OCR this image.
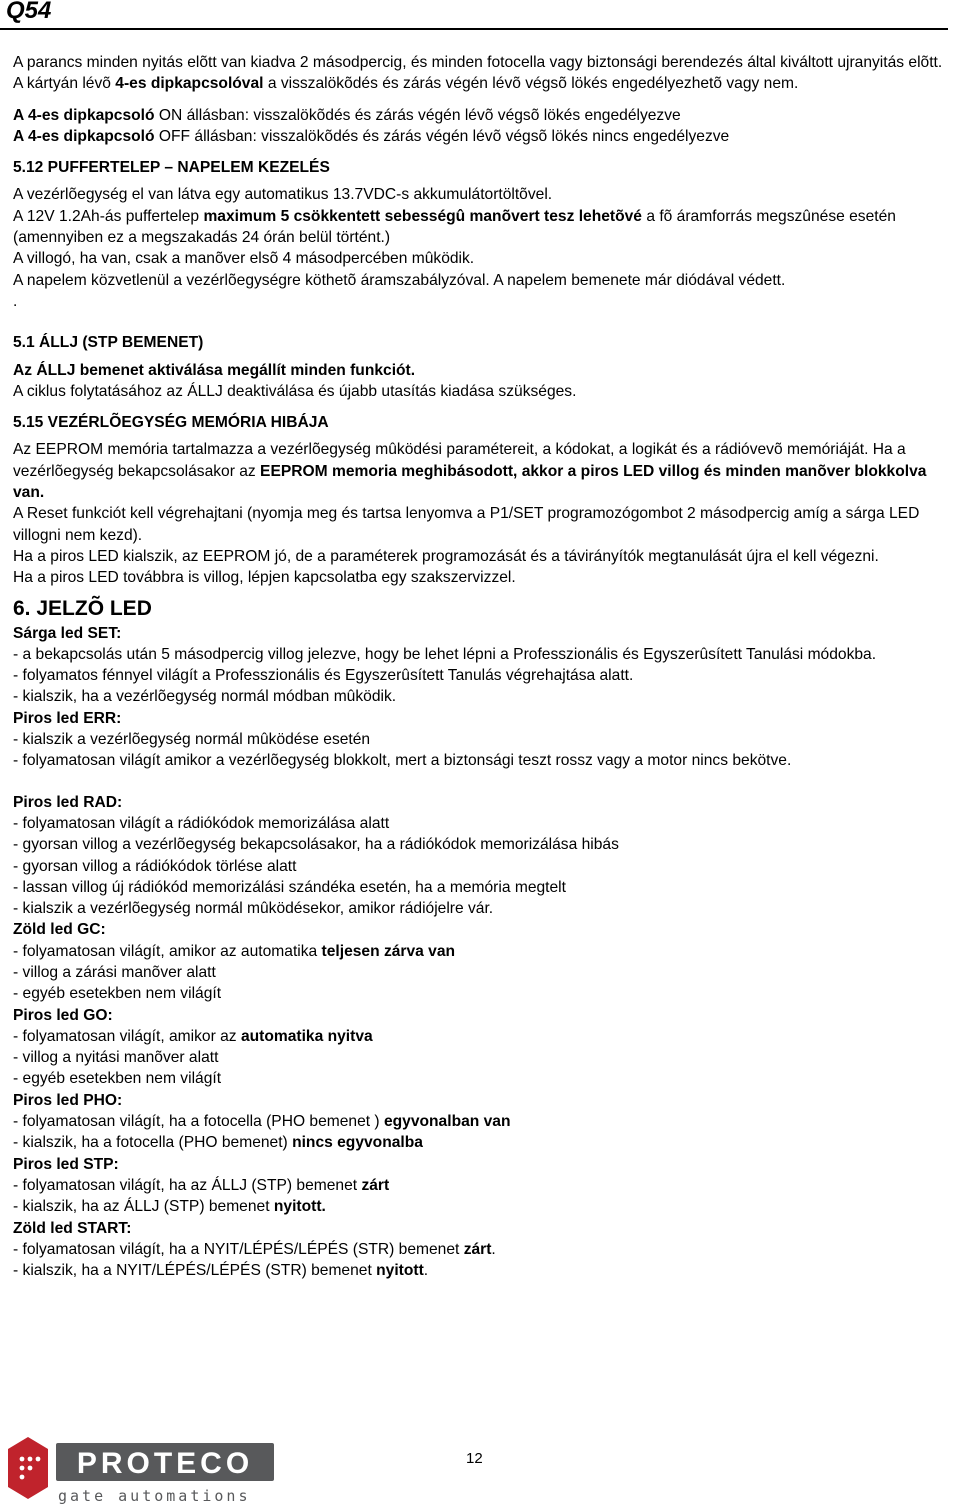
Q54

A parancs minden nyitás elõtt van kiadva 2 másodpercig, és minden fotocella vagy biztonsági berendezés által kiváltott ujranyitás elõtt.

A kártyán lévõ 4-es dipkapcsolóval a visszalökõdés és zárás végén lévõ végsõ lökés engedélyezhetõ vagy nem.

A 4-es dipkapcsoló ON állásban: visszalökõdés és zárás végén lévõ végsõ lökés engedélyezve

A 4-es dipkapcsoló OFF állásban: visszalökõdés és zárás végén lévõ végsõ lökés nincs engedélyezve

5.12 PUFFERTELEP – NAPELEM KEZELÉS

A vezérlõegység el van látva egy automatikus 13.7VDC-s akkumulátortöltõvel.

A 12V 1.2Ah-ás puffertelep maximum 5 csökkentett sebességû manõvert tesz lehetõvé a fõ áramforrás megszûnése esetén (amennyiben ez a megszakadás 24 órán belül történt.)

A villogó, ha van, csak a manõver elsõ 4 másodpercében mûködik.

A napelem közvetlenül a vezérlõegységre köthetõ áramszabályzóval. A napelem bemenete már diódával védett.

.

5.1 ÁLLJ (STP BEMENET)

Az ÁLLJ bemenet aktiválása megállít minden funkciót.

A ciklus folytatásához az ÁLLJ deaktiválása és újabb utasítás kiadása szükséges.

5.15 VEZÉRLÕEGYSÉG MEMÓRIA HIBÁJA

Az EEPROM memória tartalmazza a vezérlõegység mûködési paramétereit, a kódokat, a logikát és a rádióvevõ memóriáját. Ha a vezérlõegység bekapcsolásakor az EEPROM memoria meghibásodott, akkor a piros LED villog és minden manõver blokkolva van.

A Reset funkciót kell végrehajtani (nyomja meg és tartsa lenyomva a P1/SET programozógombot 2 másodpercig amíg a sárga LED villogni nem kezd).

Ha a piros LED kialszik, az EEPROM jó, de a paraméterek programozását és a távirányítók megtanulását újra el kell végezni.

Ha a piros LED továbbra is villog, lépjen kapcsolatba egy szakszervizzel.

6. JELZÕ LED

Sárga led SET:

- a bekapcsolás után 5 másodpercig villog jelezve, hogy be lehet lépni a Professzionális és Egyszerûsített Tanulási módokba.

- folyamatos fénnyel világít a Professzionális és Egyszerûsített Tanulás végrehajtása alatt.

- kialszik, ha a vezérlõegység normál módban mûködik.

Piros led ERR:

- kialszik a vezérlõegység normál mûködése esetén

- folyamatosan világít amikor a vezérlõegység blokkolt, mert a biztonsági teszt rossz vagy a motor nincs bekötve.

Piros led RAD:

- folyamatosan világít a rádiókódok memorizálása alatt

- gyorsan villog a vezérlõegység bekapcsolásakor, ha a rádiókódok memorizálása hibás

- gyorsan villog a rádiókódok törlése alatt

- lassan villog új rádiókód memorizálási szándéka esetén, ha a memória megtelt

- kialszik a vezérlõegység normál mûködésekor, amikor rádiójelre vár.

Zöld led GC:

- folyamatosan világít, amikor az automatika teljesen zárva van

- villog a zárási manõver alatt

- egyéb esetekben nem világít

Piros led GO:

- folyamatosan világít, amikor az automatika nyitva

- villog a nyitási manõver alatt

- egyéb esetekben nem világít

Piros led PHO:

- folyamatosan világít, ha a fotocella (PHO bemenet ) egyvonalban van

- kialszik, ha a fotocella (PHO bemenet) nincs egyvonalba

Piros led STP:

- folyamatosan világít, ha az ÁLLJ (STP) bemenet zárt

- kialszik, ha az ÁLLJ (STP) bemenet nyitott.

Zöld led START:

- folyamatosan világít, ha a NYIT/LÉPÉS/LÉPÉS (STR) bemenet zárt.

- kialszik, ha a NYIT/LÉPÉS/LÉPÉS (STR) bemenet nyitott.

PROTECO
gate automations
12
